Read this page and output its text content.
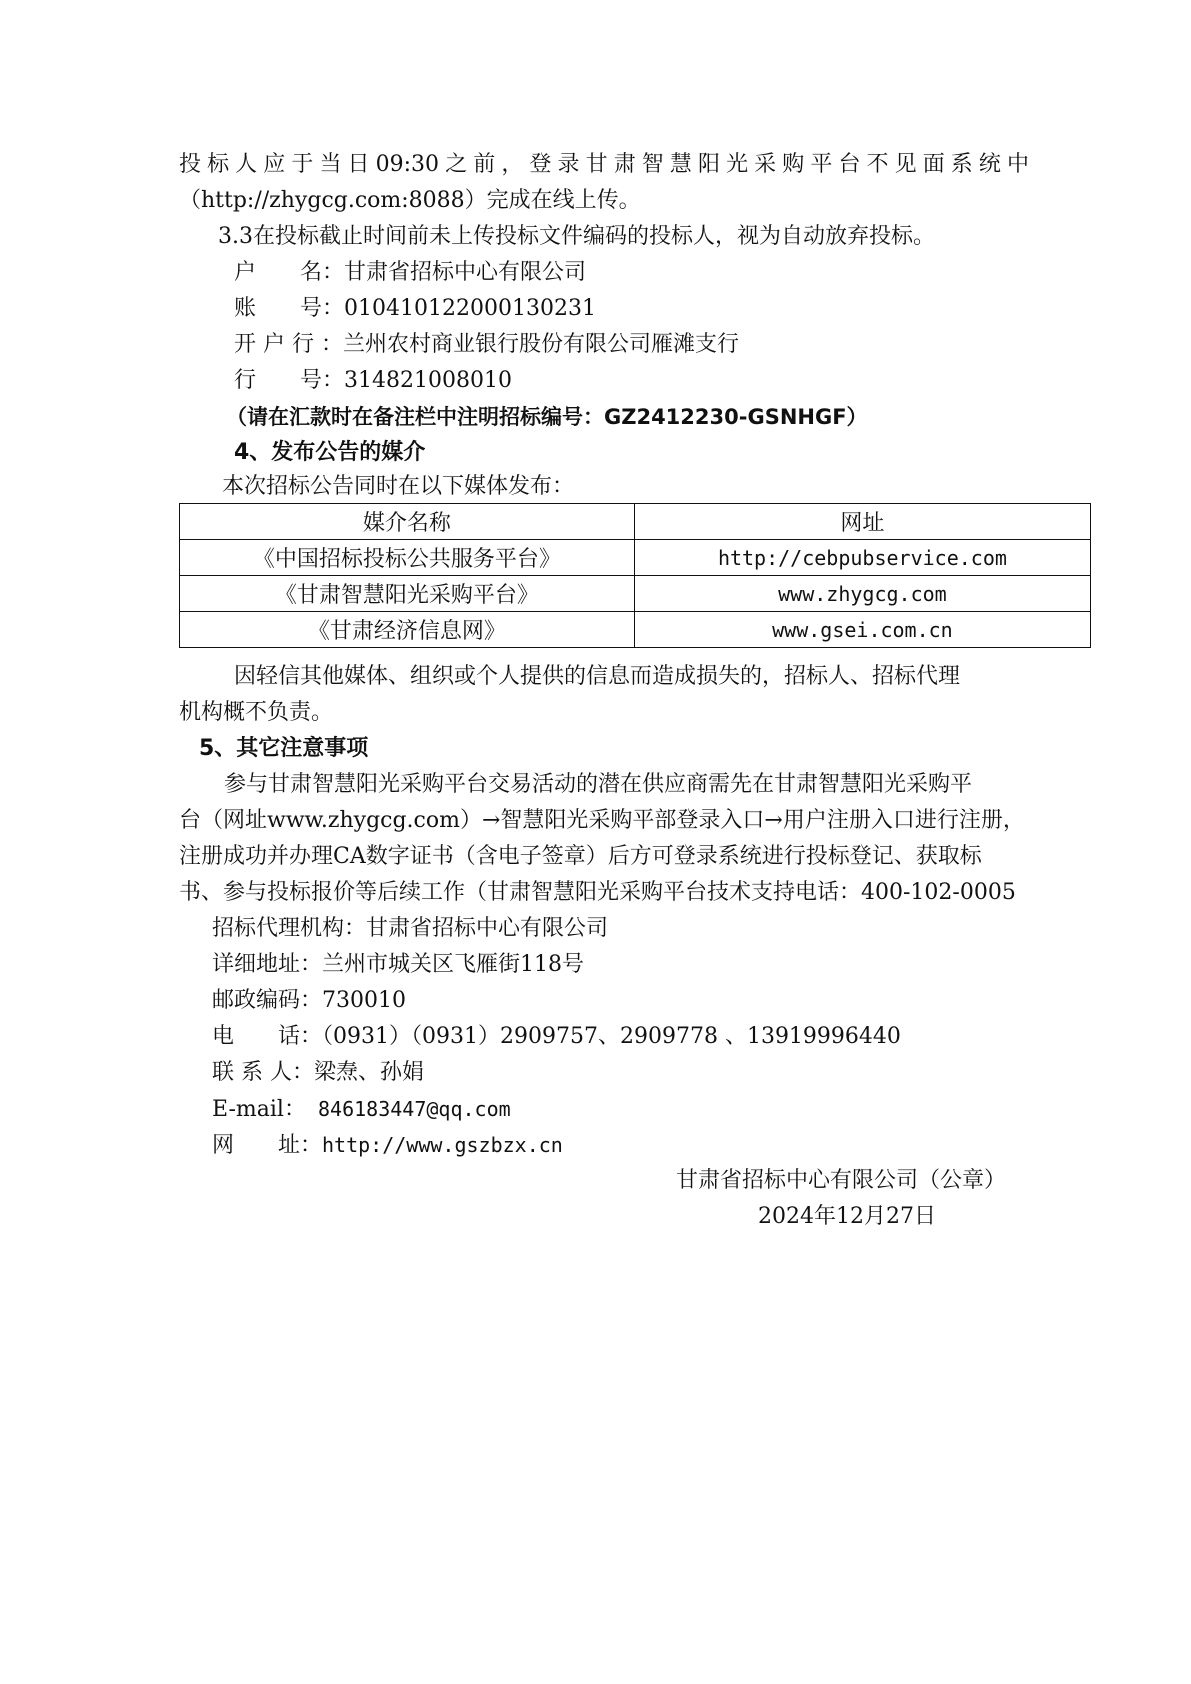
投标人应于当日09:30之前，登录甘肃智慧阳光采购平台不见面系统中
（http://zhygcg.com:8088）完成在线上传。
3.3在投标截止时间前未上传投标文件编码的投标人，视为自动放弃投标。
户　　名：甘肃省招标中心有限公司
账　　号：010410122000130231
开 户 行 ：兰州农村商业银行股份有限公司雁滩支行
行　　号：314821008010
（请在汇款时在备注栏中注明招标编号：GZ2412230-GSNHGF）
4、发布公告的媒介
本次招标公告同时在以下媒体发布：
媒介名称	网址
《中国招标投标公共服务平台》	http://cebpubservice.com
《甘肃智慧阳光采购平台》	www.zhygcg.com
《甘肃经济信息网》	www.gsei.com.cn
因轻信其他媒体、组织或个人提供的信息而造成损失的，招标人、招标代理
机构概不负责。
5、其它注意事项
参与甘肃智慧阳光采购平台交易活动的潜在供应商需先在甘肃智慧阳光采购平
台（网址www.zhygcg.com）→智慧阳光采购平部登录入口→用户注册入口进行注册，
注册成功并办理CA数字证书（含电子签章）后方可登录系统进行投标登记、获取标
书、参与投标报价等后续工作（甘肃智慧阳光采购平台技术支持电话：400-102-0005
招标代理机构：甘肃省招标中心有限公司
详细地址：兰州市城关区飞雁街118号
邮政编码：730010
电　　话：（0931）（0931）2909757、2909778 、13919996440
联 系 人：梁焘、孙娟
E-mail： 846183447@qq.com
网　　址：http://www.gszbzx.cn
甘肃省招标中心有限公司（公章）
2024年12月27日
